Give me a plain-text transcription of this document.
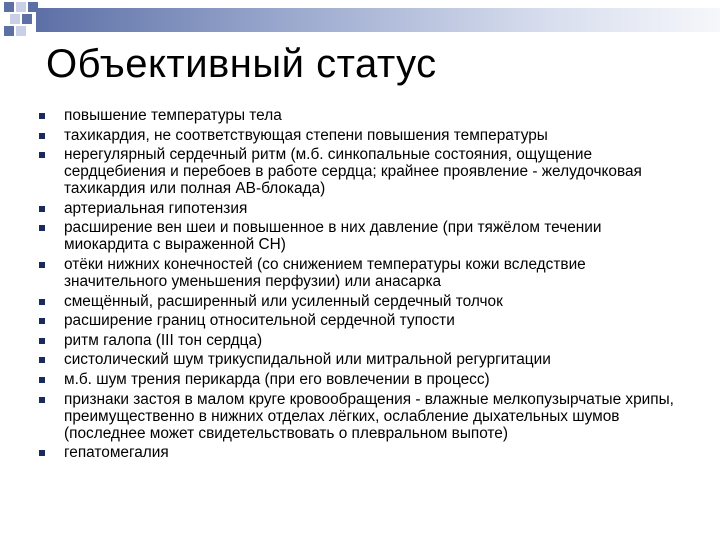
Объективный статус
повышение температуры тела
тахикардия, не соответствующая степени повышения температуры
нерегулярный сердечный ритм (м.б. синкопальные состояния, ощущение сердцебиения и перебоев в работе сердца; крайнее проявление - желудочковая тахикардия или полная АВ-блокада)
артериальная гипотензия
расширение вен шеи и повышенное в них давление (при тяжёлом течении миокардита с выраженной СН)
отёки нижних конечностей (со снижением температуры кожи вследствие значительного уменьшения перфузии) или анасарка
смещённый, расширенный или усиленный сердечный толчок
расширение границ относительной сердечной тупости
ритм галопа (III тон сердца)
систолический шум трикуспидальной или митральной регургитации
м.б. шум трения перикарда (при его вовлечении в процесс)
признаки застоя в малом круге кровообращения - влажные мелкопузырчатые хрипы, преимущественно в нижних отделах лёгких, ослабление дыхательных шумов (последнее может свидетельствовать о плевральном выпоте)
гепатомегалия
